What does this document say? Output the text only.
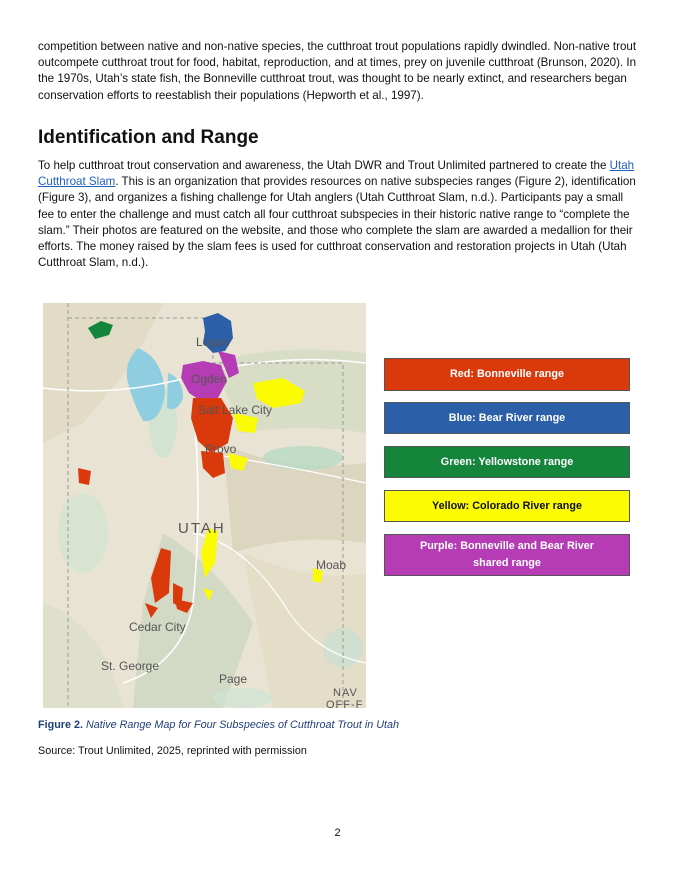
competition between native and non-native species, the cutthroat trout populations rapidly dwindled. Non-native trout outcompete cutthroat trout for food, habitat, reproduction, and at times, prey on juvenile cutthroat (Brunson, 2020). In the 1970s, Utah’s state fish, the Bonneville cutthroat trout, was thought to be nearly extinct, and researchers began conservation efforts to reestablish their populations (Hepworth et al., 1997).

Identification and Range

To help cutthroat trout conservation and awareness, the Utah DWR and Trout Unlimited partnered to create the Utah Cutthroat Slam. This is an organization that provides resources on native subspecies ranges (Figure 2), identification (Figure 3), and organizes a fishing challenge for Utah anglers (Utah Cutthroat Slam, n.d.). Participants pay a small fee to enter the challenge and must catch all four cutthroat subspecies in their historic native range to “complete the slam.” Their photos are featured on the website, and those who complete the slam are awarded a medallion for their efforts. The money raised by the slam fees is used for cutthroat conservation and restoration projects in Utah (Utah Cutthroat Slam, n.d.).

Logan
Ogden
Salt Lake City
Provo
UTAH
Moab
Cedar City
St. George
Page
NAV
OFF-F
Red: Bonneville range
Blue: Bear River range
Green: Yellowstone range
Yellow: Colorado River range
Purple: Bonneville and Bear River
shared range

Figure 2. Native Range Map for Four Subspecies of Cutthroat Trout in Utah

Source: Trout Unlimited, 2025, reprinted with permission

2
